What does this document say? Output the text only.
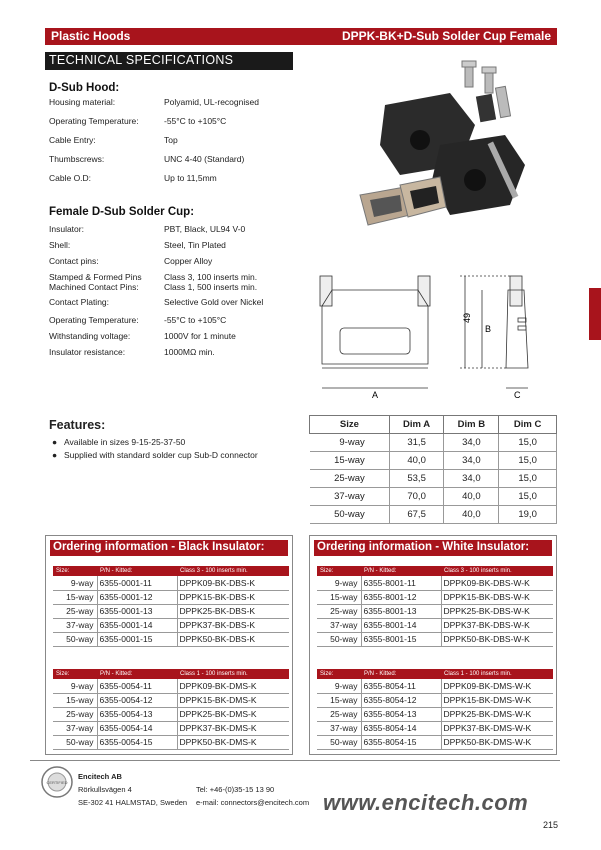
Plastic Hoods	DPPK-BK+D-Sub Solder Cup Female
TECHNICAL SPECIFICATIONS
D-Sub Hood:
Female D-Sub Solder Cup:
49
B
A	C
Features:	Size	Dim A	Dim B	Dim C
9-way	31,5	34,0	15,0
15-way	40,0	34,0	15,0
25-way	53,5	34,0	15,0
37-way	70,0	40,0	15,0
50-way	67,5	40,0	19,0
Ordering information - Black Insulator:
Size:	P/N - Kitted:	Class 3 - 100 inserts min.
9-way	6355-0001-11	DPPK09-BK-DBS-K
15-way	6355-0001-12	DPPK15-BK-DBS-K
25-way	6355-0001-13	DPPK25-BK-DBS-K
37-way	6355-0001-14	DPPK37-BK-DBS-K
50-way	6355-0001-15	DPPK50-BK-DBS-K
Size:	P/N - Kitted:	Class 1 - 100 inserts min.
9-way	6355-0054-11	DPPK09-BK-DMS-K
15-way	6355-0054-12	DPPK15-BK-DMS-K
25-way	6355-0054-13	DPPK25-BK-DMS-K
37-way	6355-0054-14	DPPK37-BK-DMS-K
50-way	6355-0054-15	DPPK50-BK-DMS-K
Ordering information - White Insulator:
Size:	P/N - Kitted:	Class 3 - 100 inserts min.
9-way	6355-8001-11	DPPK09-BK-DBS-W-K
15-way	6355-8001-12	DPPK15-BK-DBS-W-K
25-way	6355-8001-13	DPPK25-BK-DBS-W-K
37-way	6355-8001-14	DPPK37-BK-DBS-W-K
50-way	6355-8001-15	DPPK50-BK-DBS-W-K
Size:	P/N - Kitted:	Class 1 - 100 inserts min.
9-way	6355-8054-11	DPPK09-BK-DMS-W-K
15-way	6355-8054-12	DPPK15-BK-DMS-W-K
25-way	6355-8054-13	DPPK25-BK-DMS-W-K
37-way	6355-8054-14	DPPK37-BK-DMS-W-K
50-way	6355-8054-15	DPPK50-BK-DMS-W-K
CERTIFIED
Encitech AB
Rörkullsvägen 4
SE-302 41 HALMSTAD, Sweden
Tel: +46-(0)35-15 13 90
e-mail: connectors@encitech.com www.encitech.com
215
Housing material:	Polyamid, UL-recognised
Operating Temperature:	-55°C to +105°C
Cable Entry:	Top
Thumbscrews:	UNC 4-40 (Standard)
Cable O.D:	Up to 11,5mm
Insulator:	PBT, Black, UL94 V-0
Shell:	Steel, Tin Plated
Contact pins:	Copper Alloy
Stamped & Formed Pins	Class 3, 100 inserts min.
Machined Contact Pins:	Class 1, 500 inserts min.
Contact Plating:	Selective Gold over Nickel
Operating Temperature:	-55°C to +105°C
Withstanding voltage:	1000V for 1 minute
Insulator resistance:	1000MΩ min.
● Available in sizes 9-15-25-37-50
● Supplied with standard solder cup Sub-D connector
